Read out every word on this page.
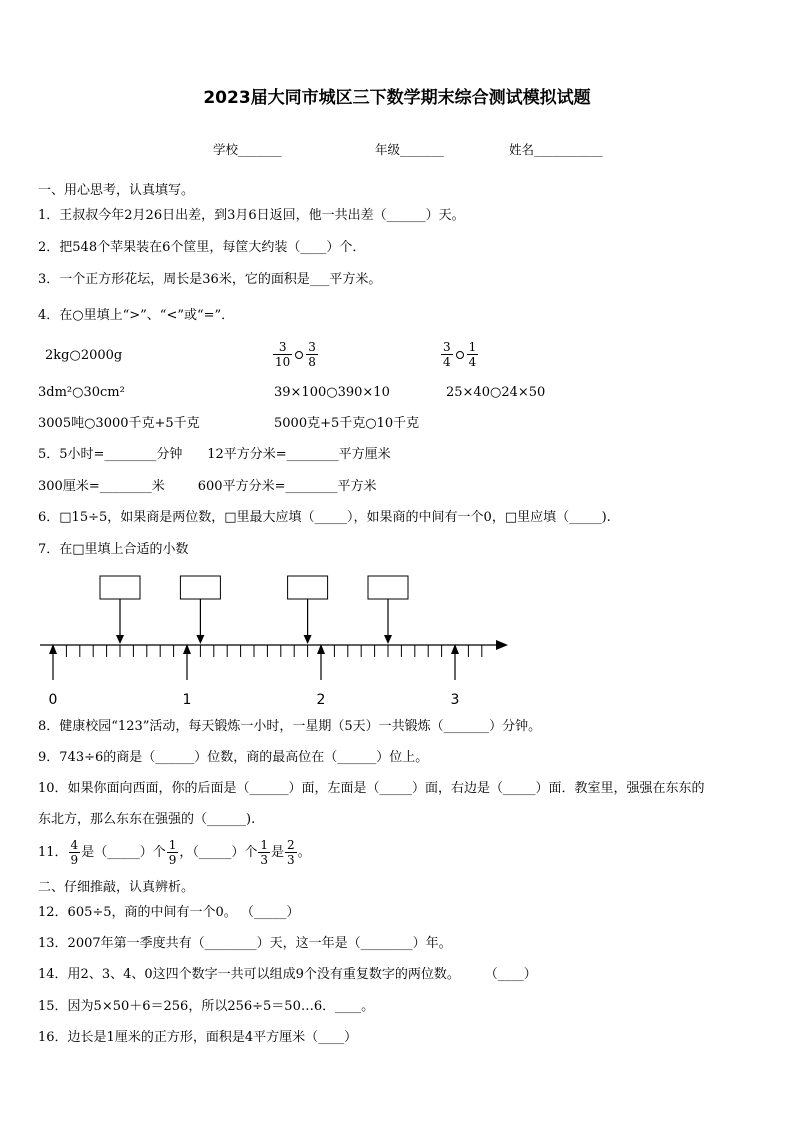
2023届大同市城区三下数学期末综合测试模拟试题
学校_______	年级_______	姓名___________
一、用心思考，认真填写。
1．王叔叔今年2月26日出差，到3月6日返回，他一共出差（______）天。
2．把548个苹果装在6个筐里，每筐大约装（____）个．
3．一个正方形花坛，周长是36米，它的面积是___平方米。
4．在○里填上“>”、“<”或“=”．
2kg○2000g	$\frac{3}{10} \frac{3}{8}$	$\frac{3}{4} \frac{1}{4}$
3dm²○30cm²	39×100○390×10	25×40○24×50
3005吨○3000千克+5千克	5000克+5千克○10千克
5．5小时=________分钟      12平方分米=________平方厘米
300厘米=________米        600平方分米=________平方米
6．□15÷5，如果商是两位数，□里最大应填（_____），如果商的中间有一个0，□里应填（_____).
7．在□里填上合适的小数
0	1	2	3
8．健康校园“123”活动，每天锻炼一小时，一星期（5天）一共锻炼（_______）分钟。
9．743÷6的商是（______）位数，商的最高位在（______）位上。
10．如果你面向西面，你的后面是（______）面，左面是（_____）面，右边是（_____）面．教室里，强强在东东的
东北方，那么东东在强强的（______).
11． $\frac{4}{9}$ 是（_____）个 $\frac{1}{9}$ ，（_____）个 $\frac{1}{3}$ 是 $\frac{2}{3}$ 。
二、仔细推敲，认真辨析。
12．605÷5，商的中间有一个0。 （_____）
13．2007年第一季度共有（________）天，这一年是（________）年。
14．用2、3、4、0这四个数字一共可以组成9个没有重复数字的两位数。      （____）
15．因为5×50＋6＝256，所以256÷5＝50…6．____。
16．边长是1厘米的正方形，面积是4平方厘米（____）
